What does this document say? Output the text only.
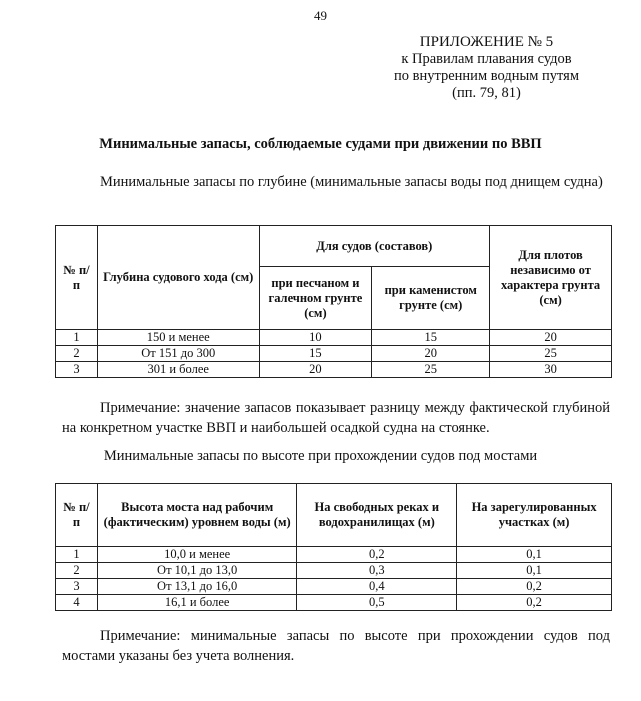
49
ПРИЛОЖЕНИЕ № 5
к Правилам плавания судов
по внутренним водным путям
(пп. 79, 81)
Минимальные запасы, соблюдаемые судами при движении по ВВП
Минимальные запасы по глубине (минимальные запасы воды под днищем судна)
№ п/п	Глубина судового хода (см)	Для судов (составов)		Для плотов независимо от характера грунта (см)
		при песчаном и галечном грунте (см)	при каменистом грунте (см)	
1	150 и менее	10	15	20
2	От 151 до 300	15	20	25
3	301 и более	20	25	30
Примечание: значение запасов показывает разницу между фактической глубиной на конкретном участке ВВП и наибольшей осадкой судна на стоянке.
Минимальные запасы по высоте при прохождении судов под мостами
№ п/п	Высота моста над рабочим (фактическим) уровнем воды (м)	На свободных реках и водохранилищах (м)	На зарегулированных участках (м)
1	10,0 и менее	0,2	0,1
2	От 10,1 до 13,0	0,3	0,1
3	От 13,1 до 16,0	0,4	0,2
4	16,1 и более	0,5	0,2
Примечание: минимальные запасы по высоте при прохождении судов под мостами указаны без учета волнения.
